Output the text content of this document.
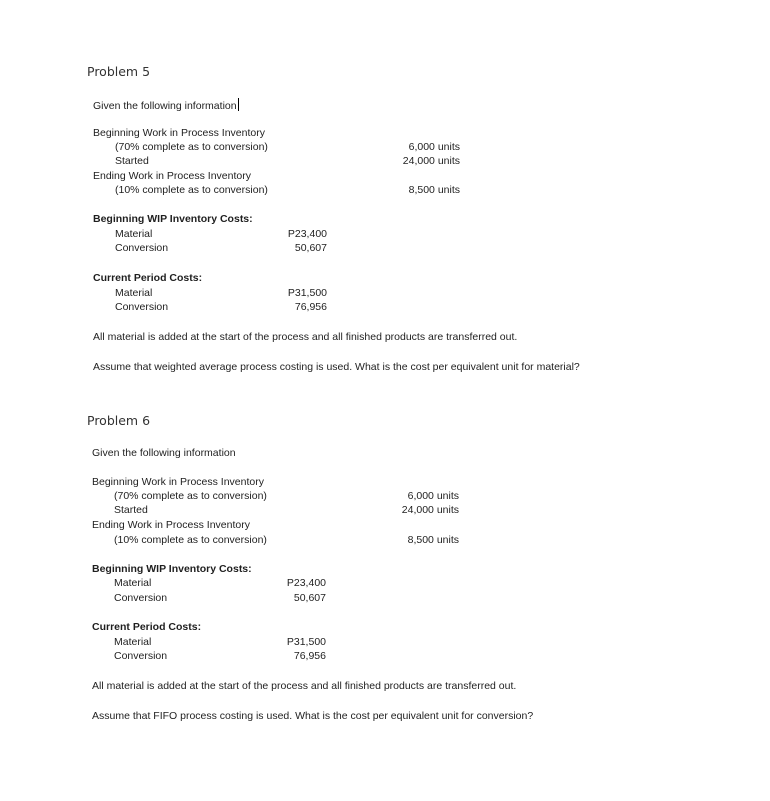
Problem 5
Given the following information
Beginning Work in Process Inventory
(70% complete as to conversion)	6,000 units
Started	24,000 units
Ending Work in Process Inventory
(10% complete as to conversion)	8,500 units
Beginning WIP Inventory Costs:
Material	P23,400
Conversion	50,607
Current Period Costs:
Material	P31,500
Conversion	76,956
All material is added at the start of the process and all finished products are transferred out.
Assume that weighted average process costing is used. What is the cost per equivalent unit for material?
Problem 6
Given the following information
Beginning Work in Process Inventory
(70% complete as to conversion)	6,000 units
Started	24,000 units
Ending Work in Process Inventory
(10% complete as to conversion)	8,500 units
Beginning WIP Inventory Costs:
Material	P23,400
Conversion	50,607
Current Period Costs:
Material	P31,500
Conversion	76,956
All material is added at the start of the process and all finished products are transferred out.
Assume that FIFO process costing is used. What is the cost per equivalent unit for conversion?
